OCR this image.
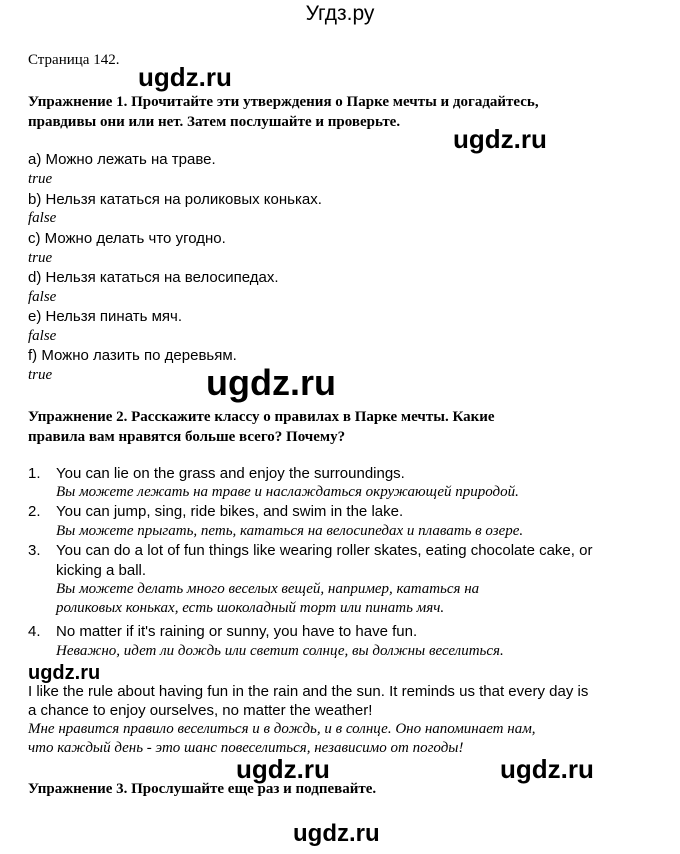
Угдз.ру
Страница 142.
ugdz.ru
ugdz.ru
ugdz.ru
ugdz.ru
ugdz.ru	ugdz.ru
ugdz.ru
Упражнение 1. Прочитайте эти утверждения о Парке мечты и догадайтесь,
правдивы они или нет. Затем послушайте и проверьте.
a) Можно лежать на траве.
true
b) Нельзя кататься на роликовых коньках.
false
c) Можно делать что угодно.
true
d) Нельзя кататься на велосипедах.
false
e) Нельзя пинать мяч.
false
f) Можно лазить по деревьям.
true
Упражнение 2. Расскажите классу о правилах в Парке мечты. Какие
правила вам нравятся больше всего? Почему?
1. You can lie on the grass and enjoy the surroundings.
Вы можете лежать на траве и наслаждаться окружающей природой.
2. You can jump, sing, ride bikes, and swim in the lake.
Вы можете прыгать, петь, кататься на велосипедах и плавать в озере.
3. You can do a lot of fun things like wearing roller skates, eating chocolate cake, or
kicking a ball.
Вы можете делать много веселых вещей, например, кататься на
роликовых коньках, есть шоколадный торт или пинать мяч.
4. No matter if it's raining or sunny, you have to have fun.
Неважно, идет ли дождь или светит солнце, вы должны веселиться.
I like the rule about having fun in the rain and the sun. It reminds us that every day is
a chance to enjoy ourselves, no matter the weather!
Мне нравится правило веселиться и в дождь, и в солнце. Оно напоминает нам,
что каждый день - это шанс повеселиться, независимо от погоды!
Упражнение 3. Прослушайте еще раз и подпевайте.
